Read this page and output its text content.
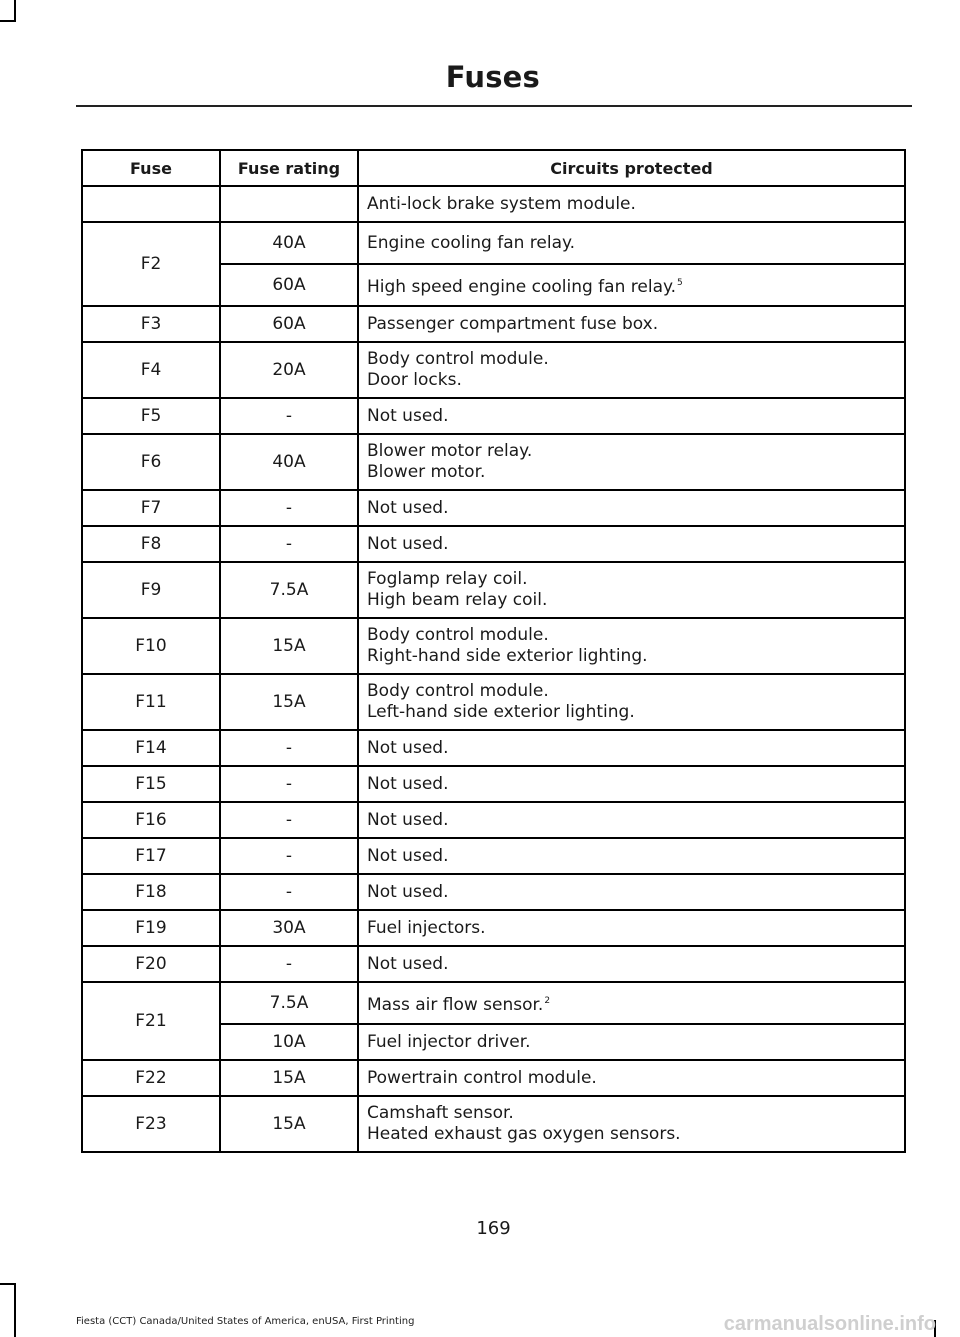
Fuses
Fuse	Fuse rating	Circuits protected

		Anti-lock brake system module.

F2	40A	Engine cooling fan relay.

	60A	High speed engine cooling fan relay.$^5$
F3	60A	Passenger compartment fuse box.

F4	20A	Body control module.
Door locks.

F5	-	Not used.

F6	40A	Blower motor relay.
Blower motor.

F7	-	Not used.

F8	-	Not used.

F9	7.5A	Foglamp relay coil.
High beam relay coil.

F10	15A	Body control module.
Right-hand side exterior lighting.

F11	15A	Body control module.
Left-hand side exterior lighting.

F14	-	Not used.

F15	-	Not used.

F16	-	Not used.

F17	-	Not used.

F18	-	Not used.

F19	30A	Fuel injectors.

F20	-	Not used.

F21	7.5A	Mass air flow sensor.$^2$
	10A	Fuel injector driver.

F22	15A	Powertrain control module.

F23	15A	Camshaft sensor.
Heated exhaust gas oxygen sensors.
169
Fiesta (CCT) Canada/United States of America, enUSA, First Printing	carmanualsonline.info
